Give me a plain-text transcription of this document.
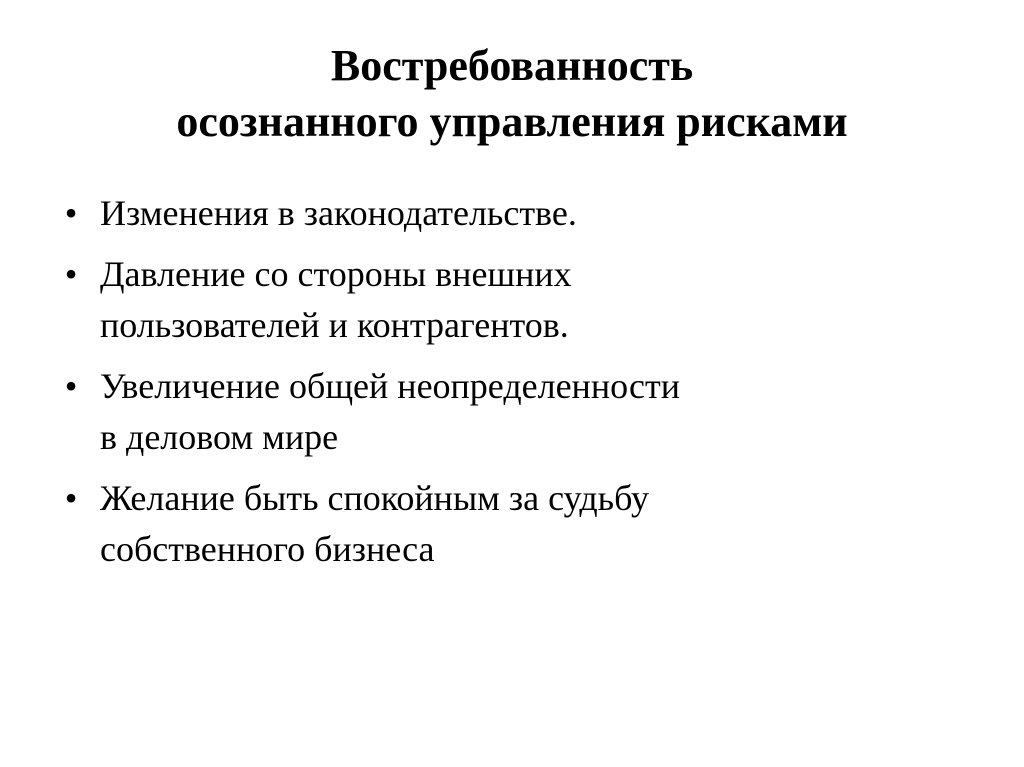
Востребованность
осознанного управления рисками
• Изменения в законодательстве.
• Давление со стороны внешних
пользователей и контрагентов.
• Увеличение общей неопределенности
в деловом мире
• Желание быть спокойным за судьбу
собственного бизнеса
